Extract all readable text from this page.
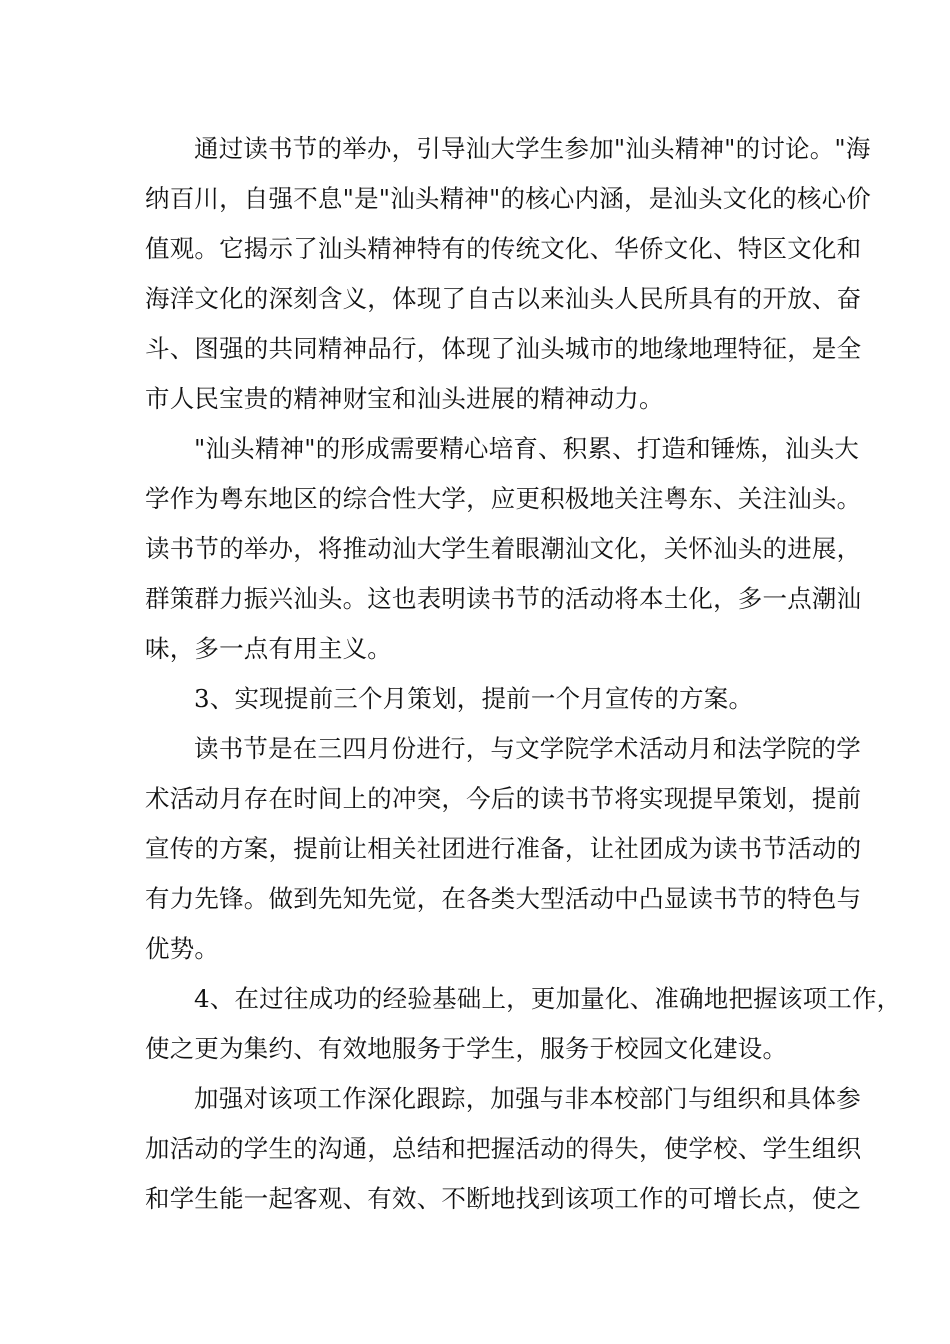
通过读书节的举办，引导汕大学生参加"汕头精神"的讨论。"海
纳百川，自强不息"是"汕头精神"的核心内涵，是汕头文化的核心价
值观。它揭示了汕头精神特有的传统文化、华侨文化、特区文化和
海洋文化的深刻含义，体现了自古以来汕头人民所具有的开放、奋
斗、图强的共同精神品行，体现了汕头城市的地缘地理特征，是全
市人民宝贵的精神财宝和汕头进展的精神动力。

"汕头精神"的形成需要精心培育、积累、打造和锤炼，汕头大
学作为粤东地区的综合性大学，应更积极地关注粤东、关注汕头。
读书节的举办，将推动汕大学生着眼潮汕文化，关怀汕头的进展，
群策群力振兴汕头。这也表明读书节的活动将本土化，多一点潮汕
味，多一点有用主义。

3、实现提前三个月策划，提前一个月宣传的方案。

读书节是在三四月份进行，与文学院学术活动月和法学院的学
术活动月存在时间上的冲突，今后的读书节将实现提早策划，提前
宣传的方案，提前让相关社团进行准备，让社团成为读书节活动的
有力先锋。做到先知先觉，在各类大型活动中凸显读书节的特色与
优势。

4、在过往成功的经验基础上，更加量化、准确地把握该项工作，
使之更为集约、有效地服务于学生，服务于校园文化建设。

加强对该项工作深化跟踪，加强与非本校部门与组织和具体参
加活动的学生的沟通，总结和把握活动的得失，使学校、学生组织
和学生能一起客观、有效、不断地找到该项工作的可增长点，使之
